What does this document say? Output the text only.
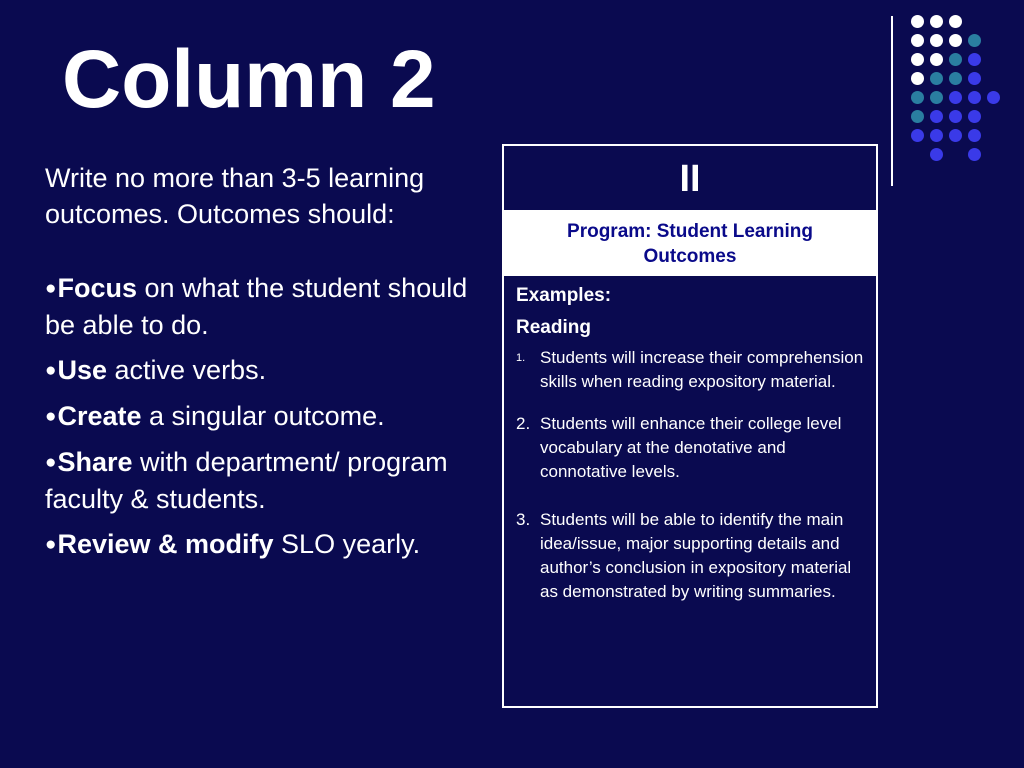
Column 2

Write no more than 3-5 learning outcomes. Outcomes should:

●Focus on what the student should be able to do.

●Use active verbs.

●Create a singular outcome.

●Share with department/ program faculty & students.

●Review & modify SLO yearly.

II
Program: Student Learning Outcomes
Examples:
Reading
1. Students will increase their comprehension skills when reading expository material.
2. Students will enhance their college level vocabulary at the denotative and connotative levels.
3. Students will be able to identify the main idea/issue, major supporting details and author’s conclusion in expository material as demonstrated by writing summaries.
